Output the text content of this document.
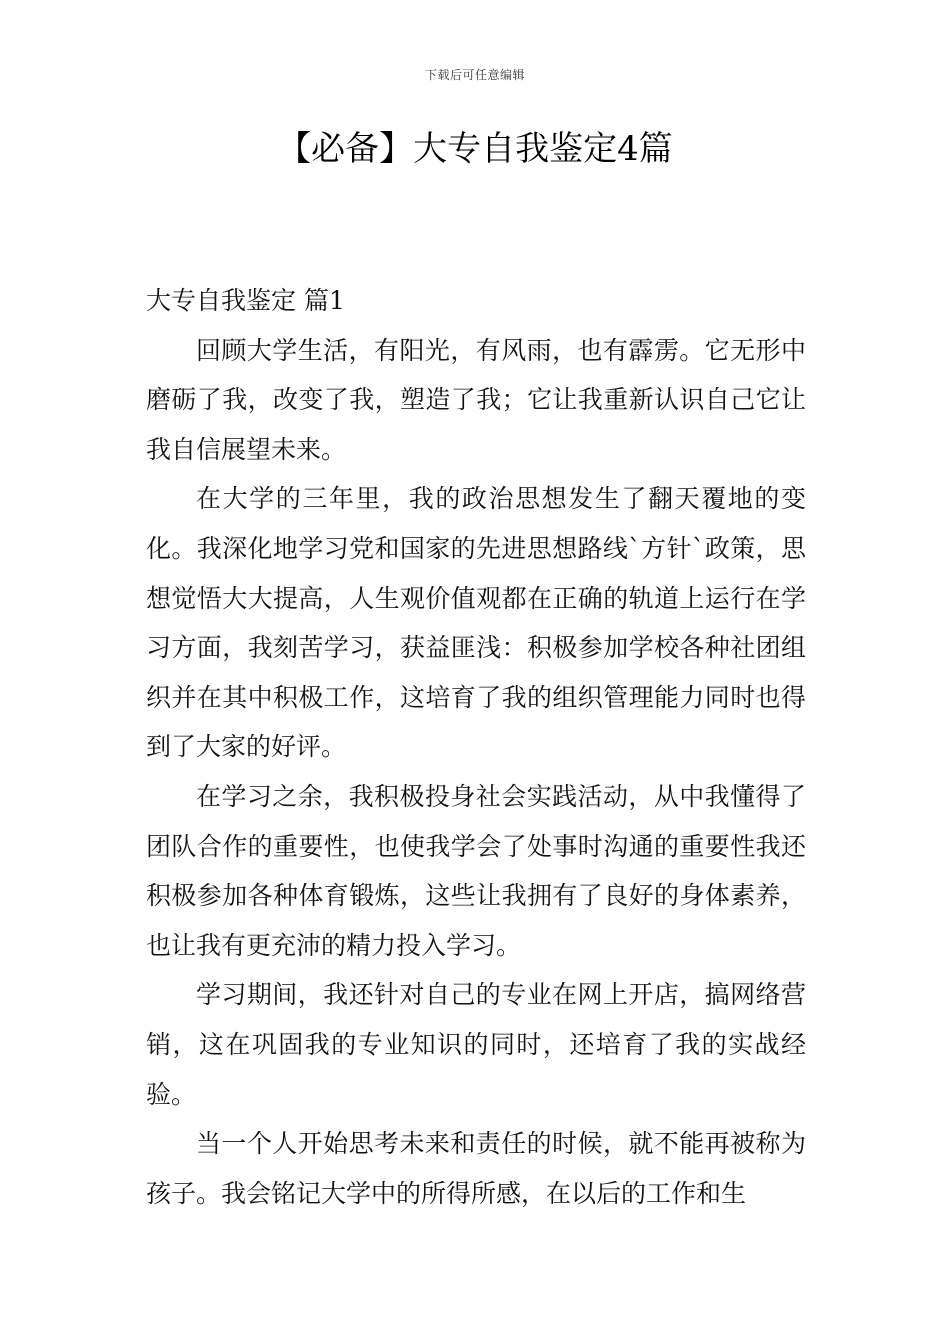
下载后可任意编辑
【必备】大专自我鉴定4篇
大专自我鉴定 篇1

回顾大学生活，有阳光，有风雨，也有霹雳。它无形中磨砺了我，改变了我，塑造了我；它让我重新认识自己它让我自信展望未来。

在大学的三年里，我的政治思想发生了翻天覆地的变化。我深化地学习党和国家的先进思想路线`方针`政策，思想觉悟大大提高，人生观价值观都在正确的轨道上运行在学习方面，我刻苦学习，获益匪浅：积极参加学校各种社团组织并在其中积极工作，这培育了我的组织管理能力同时也得到了大家的好评。

在学习之余，我积极投身社会实践活动，从中我懂得了团队合作的重要性，也使我学会了处事时沟通的重要性我还积极参加各种体育锻炼，这些让我拥有了良好的身体素养，也让我有更充沛的精力投入学习。

学习期间，我还针对自己的专业在网上开店，搞网络营销，这在巩固我的专业知识的同时，还培育了我的实战经验。

当一个人开始思考未来和责任的时候，就不能再被称为孩子。我会铭记大学中的所得所感，在以后的工作和生
